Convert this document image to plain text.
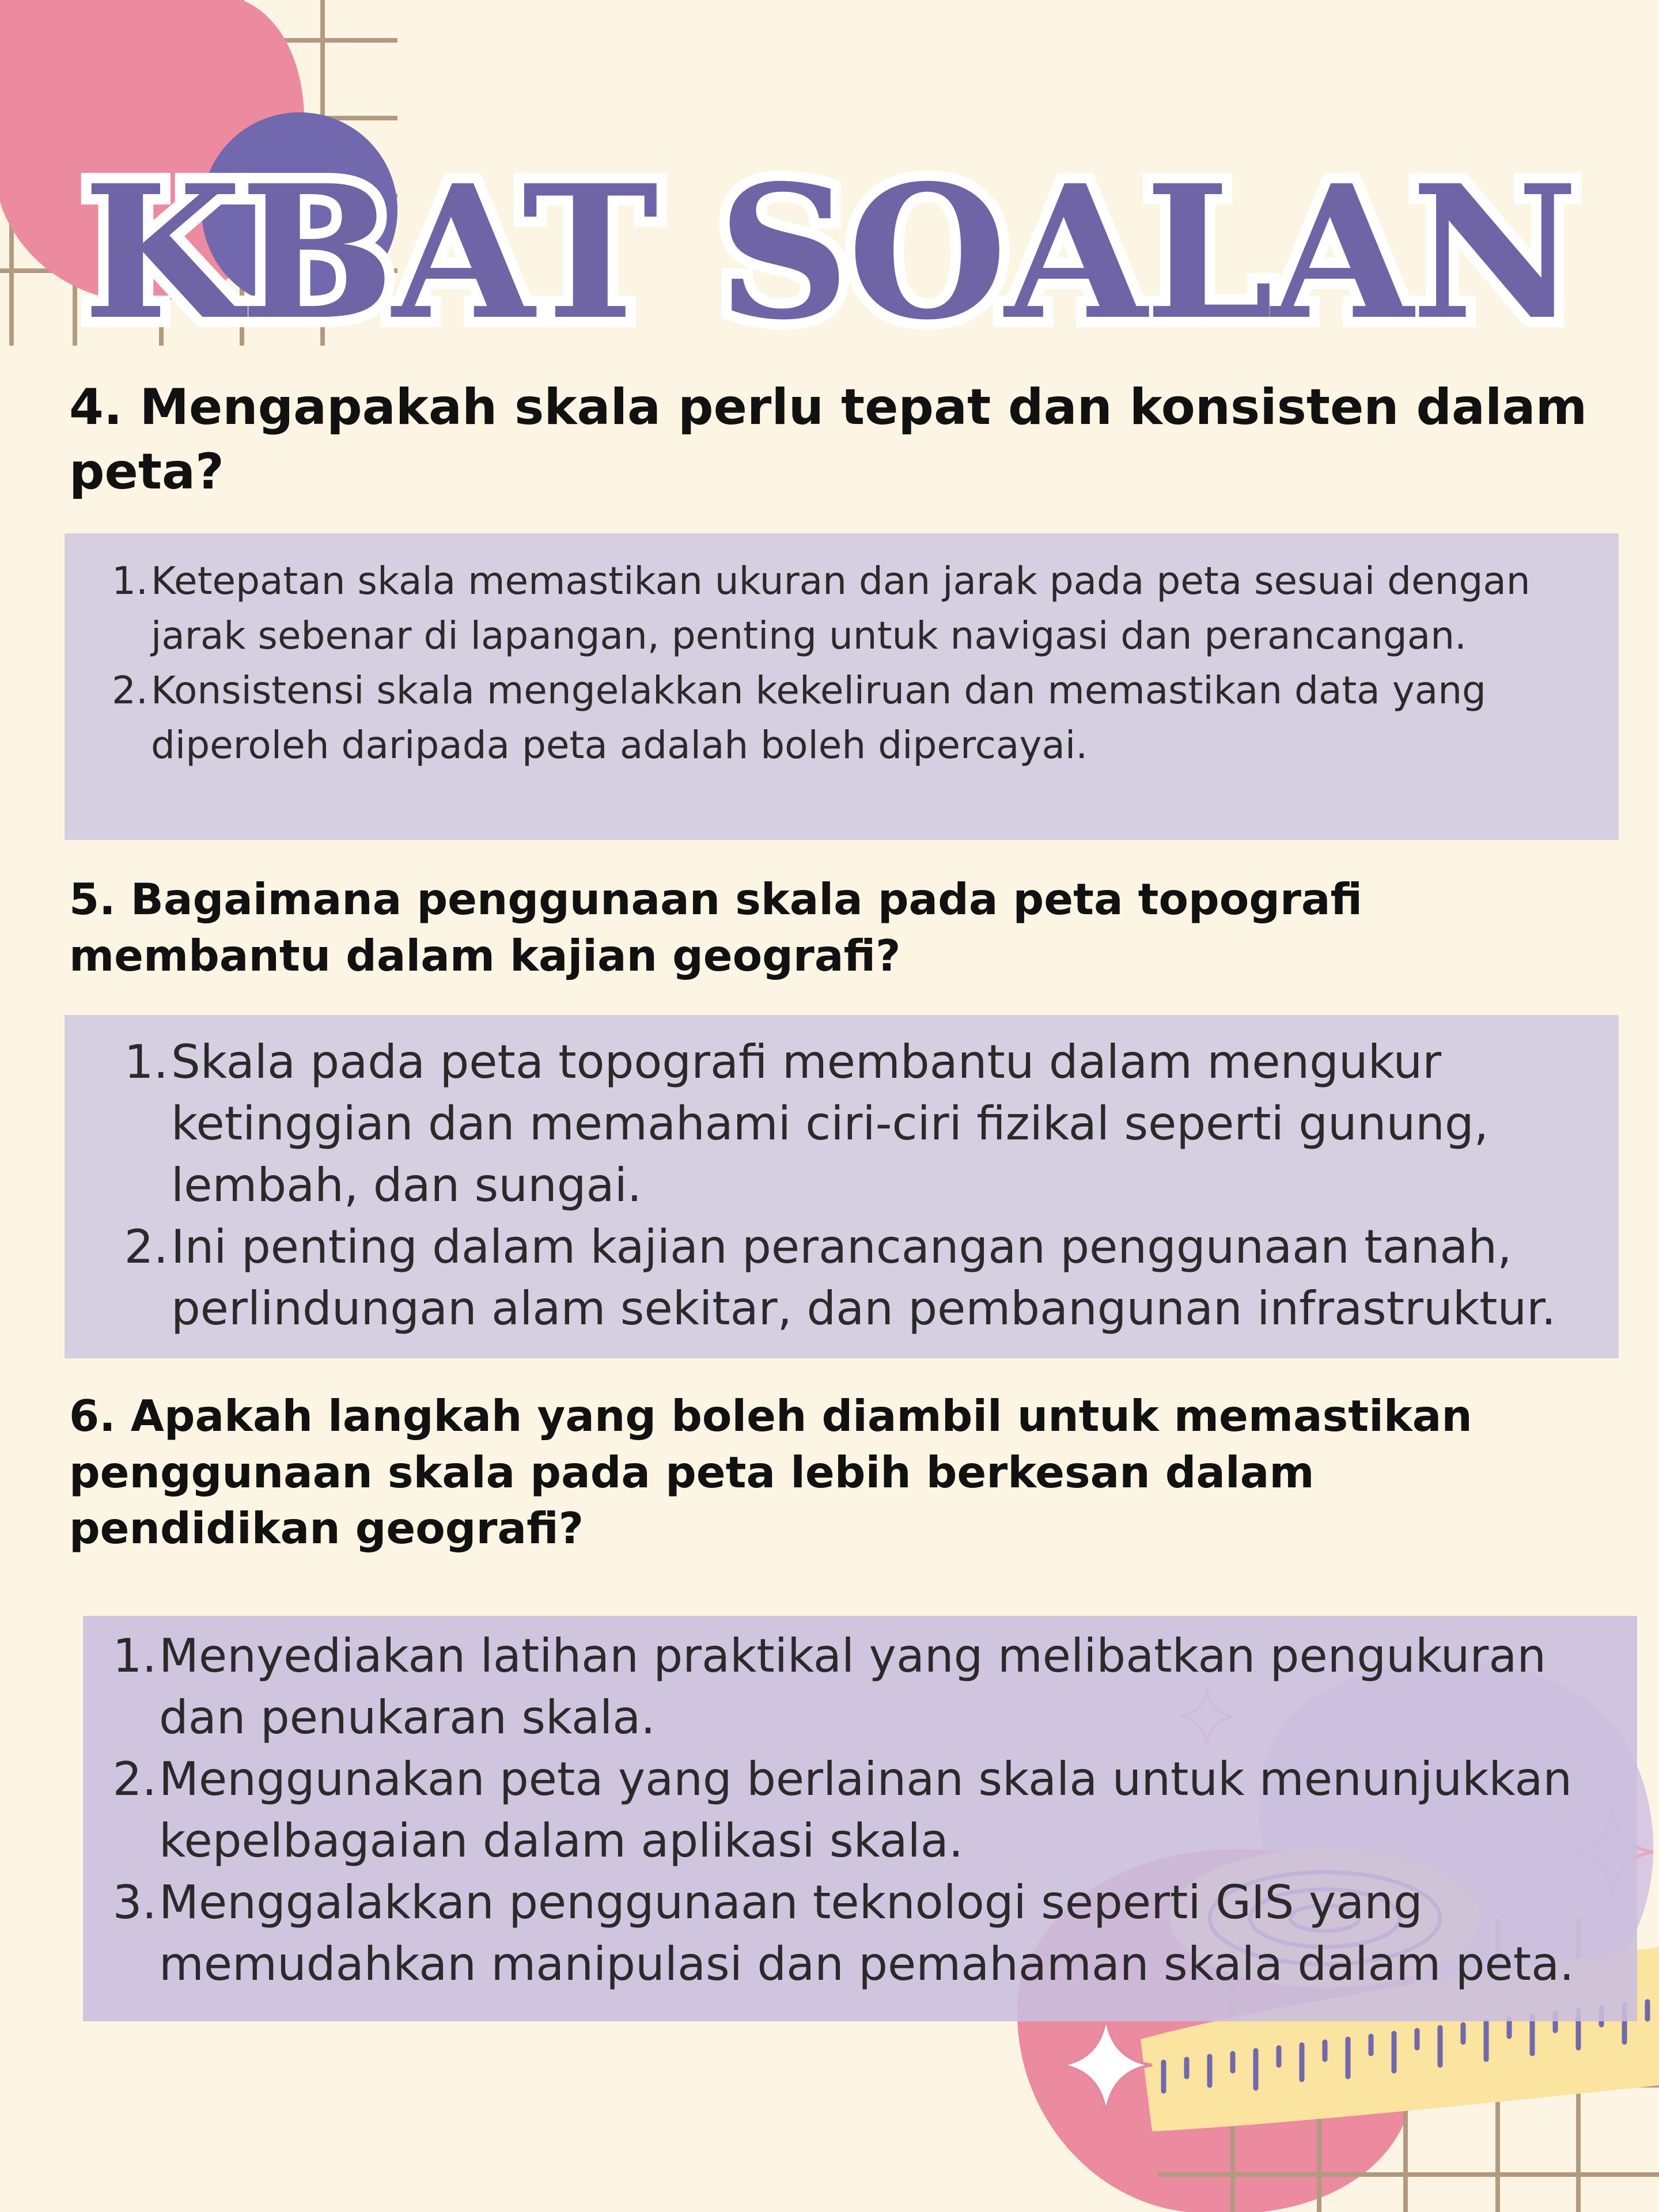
KBAT SOALAN
4. Mengapakah skala perlu tepat dan konsisten dalam peta?
1. Ketepatan skala memastikan ukuran dan jarak pada peta sesuai dengan jarak sebenar di lapangan, penting untuk navigasi dan perancangan.
2. Konsistensi skala mengelakkan kekeliruan dan memastikan data yang diperoleh daripada peta adalah boleh dipercayai.
5. Bagaimana penggunaan skala pada peta topografi membantu dalam kajian geografi?
1. Skala pada peta topografi membantu dalam mengukur ketinggian dan memahami ciri-ciri fizikal seperti gunung, lembah, dan sungai.
2. Ini penting dalam kajian perancangan penggunaan tanah, perlindungan alam sekitar, dan pembangunan infrastruktur.
6. Apakah langkah yang boleh diambil untuk memastikan penggunaan skala pada peta lebih berkesan dalam pendidikan geografi?
1. Menyediakan latihan praktikal yang melibatkan pengukuran dan penukaran skala.
2. Menggunakan peta yang berlainan skala untuk menunjukkan kepelbagaian dalam aplikasi skala.
3. Menggalakkan penggunaan teknologi seperti GIS yang memudahkan manipulasi dan pemahaman skala dalam peta.
